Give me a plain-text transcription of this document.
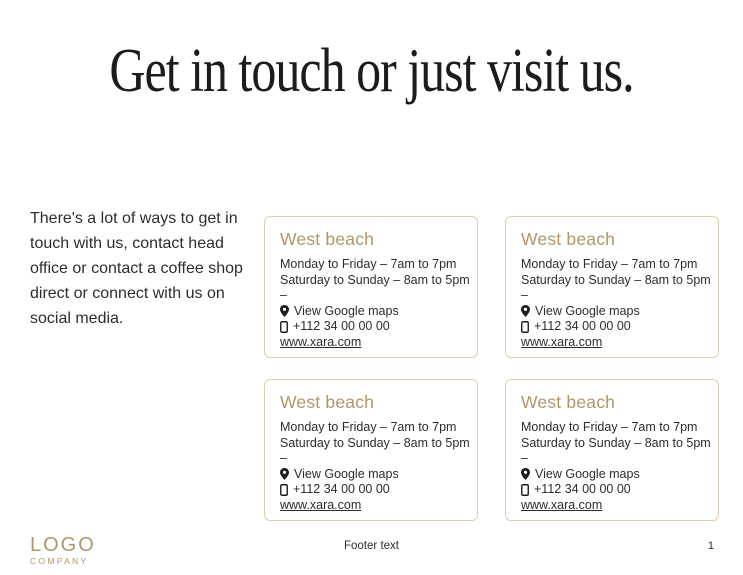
Get in touch or just visit us.
There's a lot of ways to get in touch with us, contact head office or contact a coffee shop direct or connect with us on social media.
West beach
Monday to Friday – 7am to 7pm
Saturday to Sunday – 8am to 5pm
–
View Google maps
+112 34 00 00 00
www.xara.com
West beach
Monday to Friday – 7am to 7pm
Saturday to Sunday – 8am to 5pm
–
View Google maps
+112 34 00 00 00
www.xara.com
West beach
Monday to Friday – 7am to 7pm
Saturday to Sunday – 8am to 5pm
–
View Google maps
+112 34 00 00 00
www.xara.com
West beach
Monday to Friday – 7am to 7pm
Saturday to Sunday – 8am to 5pm
–
View Google maps
+112 34 00 00 00
www.xara.com
LOGO
COMPANY
Footer text	1
